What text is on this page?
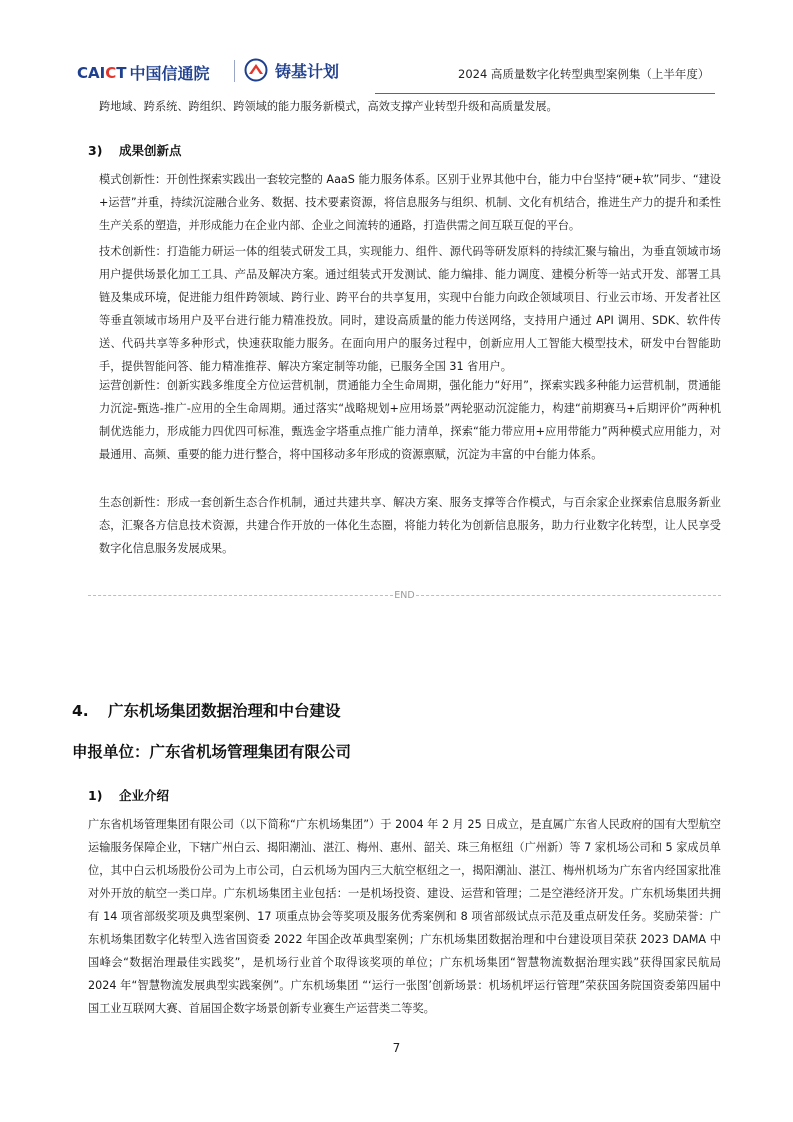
CAICT 中国信通院	铸基计划	2024 高质量数字化转型典型案例集（上半年度）
跨地域、跨系统、跨组织、跨领域的能力服务新模式，高效支撑产业转型升级和高质量发展。
3) 成果创新点
模式创新性：开创性探索实践出一套较完整的 AaaS 能力服务体系。区别于业界其他中台，能力中台坚持“硬+软”同步、“建设+运营”并重，持续沉淀融合业务、数据、技术要素资源，将信息服务与组织、机制、文化有机结合，推进生产力的提升和柔性生产关系的塑造，并形成能力在企业内部、企业之间流转的通路，打造供需之间互联互促的平台。
技术创新性：打造能力研运一体的组装式研发工具，实现能力、组件、源代码等研发原料的持续汇聚与输出，为垂直领域市场用户提供场景化加工工具、产品及解决方案。通过组装式开发测试、能力编排、能力调度、建模分析等一站式开发、部署工具链及集成环境，促进能力组件跨领域、跨行业、跨平台的共享复用，实现中台能力向政企领域项目、行业云市场、开发者社区等垂直领域市场用户及平台进行能力精准投放。同时，建设高质量的能力传送网络，支持用户通过 API 调用、SDK、软件传送、代码共享等多种形式，快速获取能力服务。在面向用户的服务过程中，创新应用人工智能大模型技术，研发中台智能助手，提供智能问答、能力精准推荐、解决方案定制等功能，已服务全国 31 省用户。
运营创新性：创新实践多维度全方位运营机制，贯通能力全生命周期，强化能力“好用”，探索实践多种能力运营机制，贯通能力沉淀-甄选-推广-应用的全生命周期。通过落实“战略规划+应用场景”两轮驱动沉淀能力，构建“前期赛马+后期评价”两种机制优选能力，形成能力四优四可标准，甄选金字塔重点推广能力清单，探索“能力带应用+应用带能力”两种模式应用能力，对最通用、高频、重要的能力进行整合，将中国移动多年形成的资源禀赋，沉淀为丰富的中台能力体系。
生态创新性：形成一套创新生态合作机制，通过共建共享、解决方案、服务支撑等合作模式，与百余家企业探索信息服务新业态，汇聚各方信息技术资源，共建合作开放的一体化生态圈，将能力转化为创新信息服务，助力行业数字化转型，让人民享受数字化信息服务发展成果。
END
4. 广东机场集团数据治理和中台建设
申报单位：广东省机场管理集团有限公司
1) 企业介绍
广东省机场管理集团有限公司（以下简称“广东机场集团”）于 2004 年 2 月 25 日成立，是直属广东省人民政府的国有大型航空运输服务保障企业，下辖广州白云、揭阳潮汕、湛江、梅州、惠州、韶关、珠三角枢纽（广州新）等 7 家机场公司和 5 家成员单位，其中白云机场股份公司为上市公司，白云机场为国内三大航空枢纽之一，揭阳潮汕、湛江、梅州机场为广东省内经国家批准对外开放的航空一类口岸。广东机场集团主业包括：一是机场投资、建设、运营和管理；二是空港经济开发。广东机场集团共拥有 14 项省部级奖项及典型案例、17 项重点协会等奖项及服务优秀案例和 8 项省部级试点示范及重点研发任务。奖励荣誉：广东机场集团数字化转型入选省国资委 2022 年国企改革典型案例；广东机场集团数据治理和中台建设项目荣获 2023 DAMA 中国峰会“数据治理最佳实践奖”，是机场行业首个取得该奖项的单位；广东机场集团“智慧物流数据治理实践”获得国家民航局 2024 年“智慧物流发展典型实践案例”。广东机场集团 “‘运行一张图’创新场景：机场机坪运行管理”荣获国务院国资委第四届中国工业互联网大赛、首届国企数字场景创新专业赛生产运营类二等奖。
7
